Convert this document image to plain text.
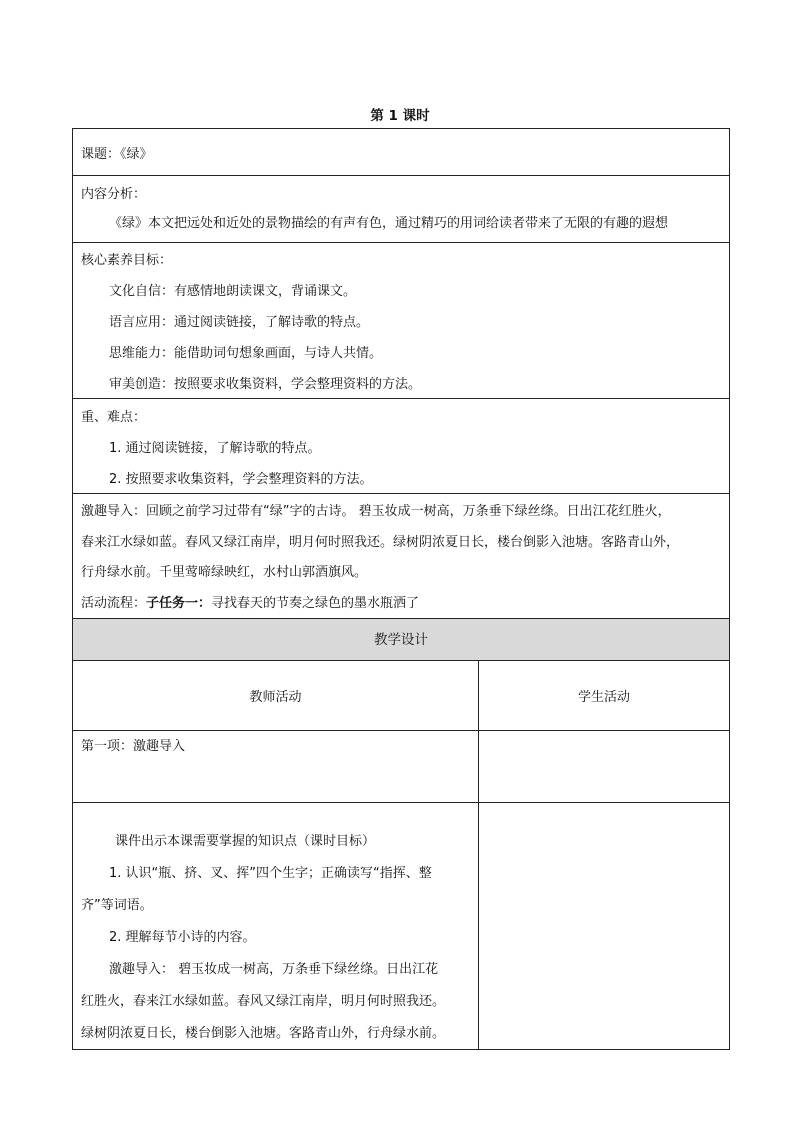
第 1 课时
课题：《绿》
内容分析：
《绿》本文把远处和近处的景物描绘的有声有色，通过精巧的用词给读者带来了无限的有趣的遐想
核心素养目标：
文化自信：有感情地朗读课文，背诵课文。
语言应用：通过阅读链接，了解诗歌的特点。
思维能力：能借助词句想象画面，与诗人共情。
审美创造：按照要求收集资料，学会整理资料的方法。
重、难点：
1. 通过阅读链接，了解诗歌的特点。
2. 按照要求收集资料，学会整理资料的方法。
激趣导入：回顾之前学习过带有“绿”字的古诗。 碧玉妆成一树高，万条垂下绿丝绦。日出江花红胜火，
春来江水绿如蓝。春风又绿江南岸，明月何时照我还。绿树阴浓夏日长，楼台倒影入池塘。客路青山外，
行舟绿水前。千里莺啼绿映红，水村山郭酒旗风。
活动流程：子任务一：寻找春天的节奏之绿色的墨水瓶洒了
教学设计
教师活动	学生活动
第一项：激趣导入
课件出示本课需要掌握的知识点（课时目标）
1. 认识“瓶、挤、叉、挥”四个生字；正确读写“指挥、整
齐”等词语。
2. 理解每节小诗的内容。
激趣导入： 碧玉妆成一树高，万条垂下绿丝绦。日出江花
红胜火，春来江水绿如蓝。春风又绿江南岸，明月何时照我还。
绿树阴浓夏日长，楼台倒影入池塘。客路青山外，行舟绿水前。
